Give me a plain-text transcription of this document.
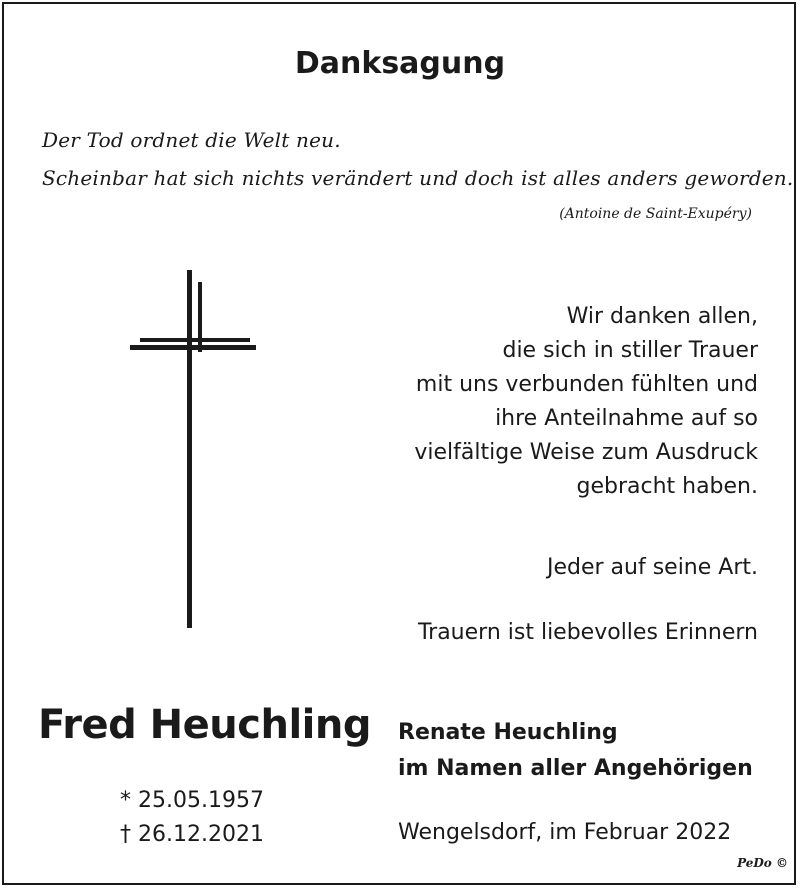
Danksagung
Der Tod ordnet die Welt neu.
Scheinbar hat sich nichts verändert und doch ist alles anders geworden.
(Antoine de Saint-Exupéry)
Wir danken allen,
die sich in stiller Trauer
mit uns verbunden fühlten und
ihre Anteilnahme auf so
vielfältige Weise zum Ausdruck
gebracht haben.
Jeder auf seine Art.
Trauern ist liebevolles Erinnern
Fred Heuchling
* 25.05.1957
† 26.12.2021
Renate Heuchling
im Namen aller Angehörigen
Wengelsdorf, im Februar 2022
PeDo ©
